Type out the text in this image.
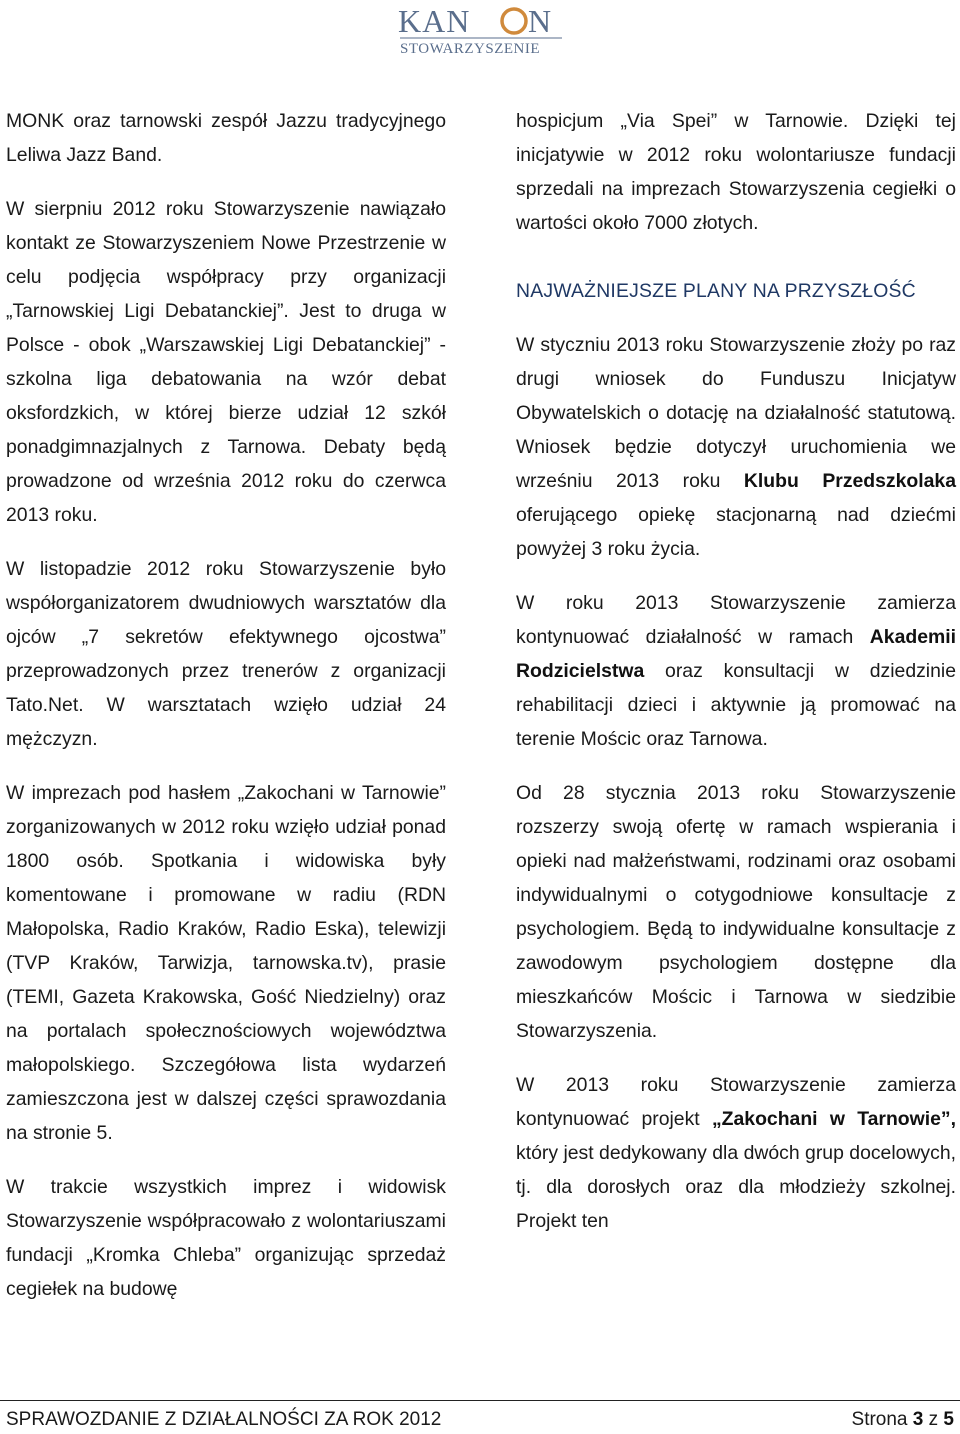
KAN N
STOWARZYSZENIE

MONK oraz tarnowski zespół Jazzu tradycyjnego Leliwa Jazz Band.

W sierpniu 2012 roku Stowarzyszenie nawiązało kontakt ze Stowarzyszeniem Nowe Przestrzenie w celu podjęcia współpracy przy organizacji „Tarnowskiej Ligi Debatanckiej”. Jest to druga w Polsce - obok „Warszawskiej Ligi Debatanckiej” - szkolna liga debatowania na wzór debat oksfordzkich, w której bierze udział 12 szkół ponadgimnazjalnych z Tarnowa. Debaty będą prowadzone od września 2012 roku do czerwca 2013 roku.

W listopadzie 2012 roku Stowarzyszenie było współorganizatorem dwudniowych warsztatów dla ojców „7 sekretów efektywnego ojcostwa” przeprowadzonych przez trenerów z organizacji Tato.Net. W warsztatach wzięło udział 24 mężczyzn.

W imprezach pod hasłem „Zakochani w Tarnowie” zorganizowanych w 2012 roku wzięło udział ponad 1800 osób. Spotkania i widowiska były komentowane i promowane w radiu (RDN Małopolska, Radio Kraków, Radio Eska), telewizji (TVP Kraków, Tarwizja, tarnowska.tv), prasie (TEMI, Gazeta Krakowska, Gość Niedzielny) oraz na portalach społecznościowych województwa małopolskiego. Szczegółowa lista wydarzeń zamieszczona jest w dalszej części sprawozdania na stronie 5.

W trakcie wszystkich imprez i widowisk Stowarzyszenie współpracowało z wolontariuszami fundacji „Kromka Chleba” organizując sprzedaż cegiełek na budowę

hospicjum „Via Spei” w Tarnowie. Dzięki tej inicjatywie w 2012 roku wolontariusze fundacji sprzedali na imprezach Stowarzyszenia cegiełki o wartości około 7000 złotych.

NAJWAŻNIEJSZE PLANY NA PRZYSZŁOŚĆ

W styczniu 2013 roku Stowarzyszenie złoży po raz drugi wniosek do Funduszu Inicjatyw Obywatelskich o dotację na działalność statutową. Wniosek będzie dotyczył uruchomienia we wrześniu 2013 roku Klubu Przedszkolaka oferującego opiekę stacjonarną nad dziećmi powyżej 3 roku życia.

W roku 2013 Stowarzyszenie zamierza kontynuować działalność w ramach Akademii Rodzicielstwa oraz konsultacji w dziedzinie rehabilitacji dzieci i aktywnie ją promować na terenie Mościc oraz Tarnowa.

Od 28 stycznia 2013 roku Stowarzyszenie rozszerzy swoją ofertę w ramach wspierania i opieki nad małżeństwami, rodzinami oraz osobami indywidualnymi o cotygodniowe konsultacje z psychologiem. Będą to indywidualne konsultacje z zawodowym psychologiem dostępne dla mieszkańców Mościc i Tarnowa w siedzibie Stowarzyszenia.

W 2013 roku Stowarzyszenie zamierza kontynuować projekt „Zakochani w Tarnowie”, który jest dedykowany dla dwóch grup docelowych, tj. dla dorosłych oraz dla młodzieży szkolnej. Projekt ten

SPRAWOZDANIE Z DZIAŁALNOŚCI ZA ROK 2012	Strona 3 z 5
